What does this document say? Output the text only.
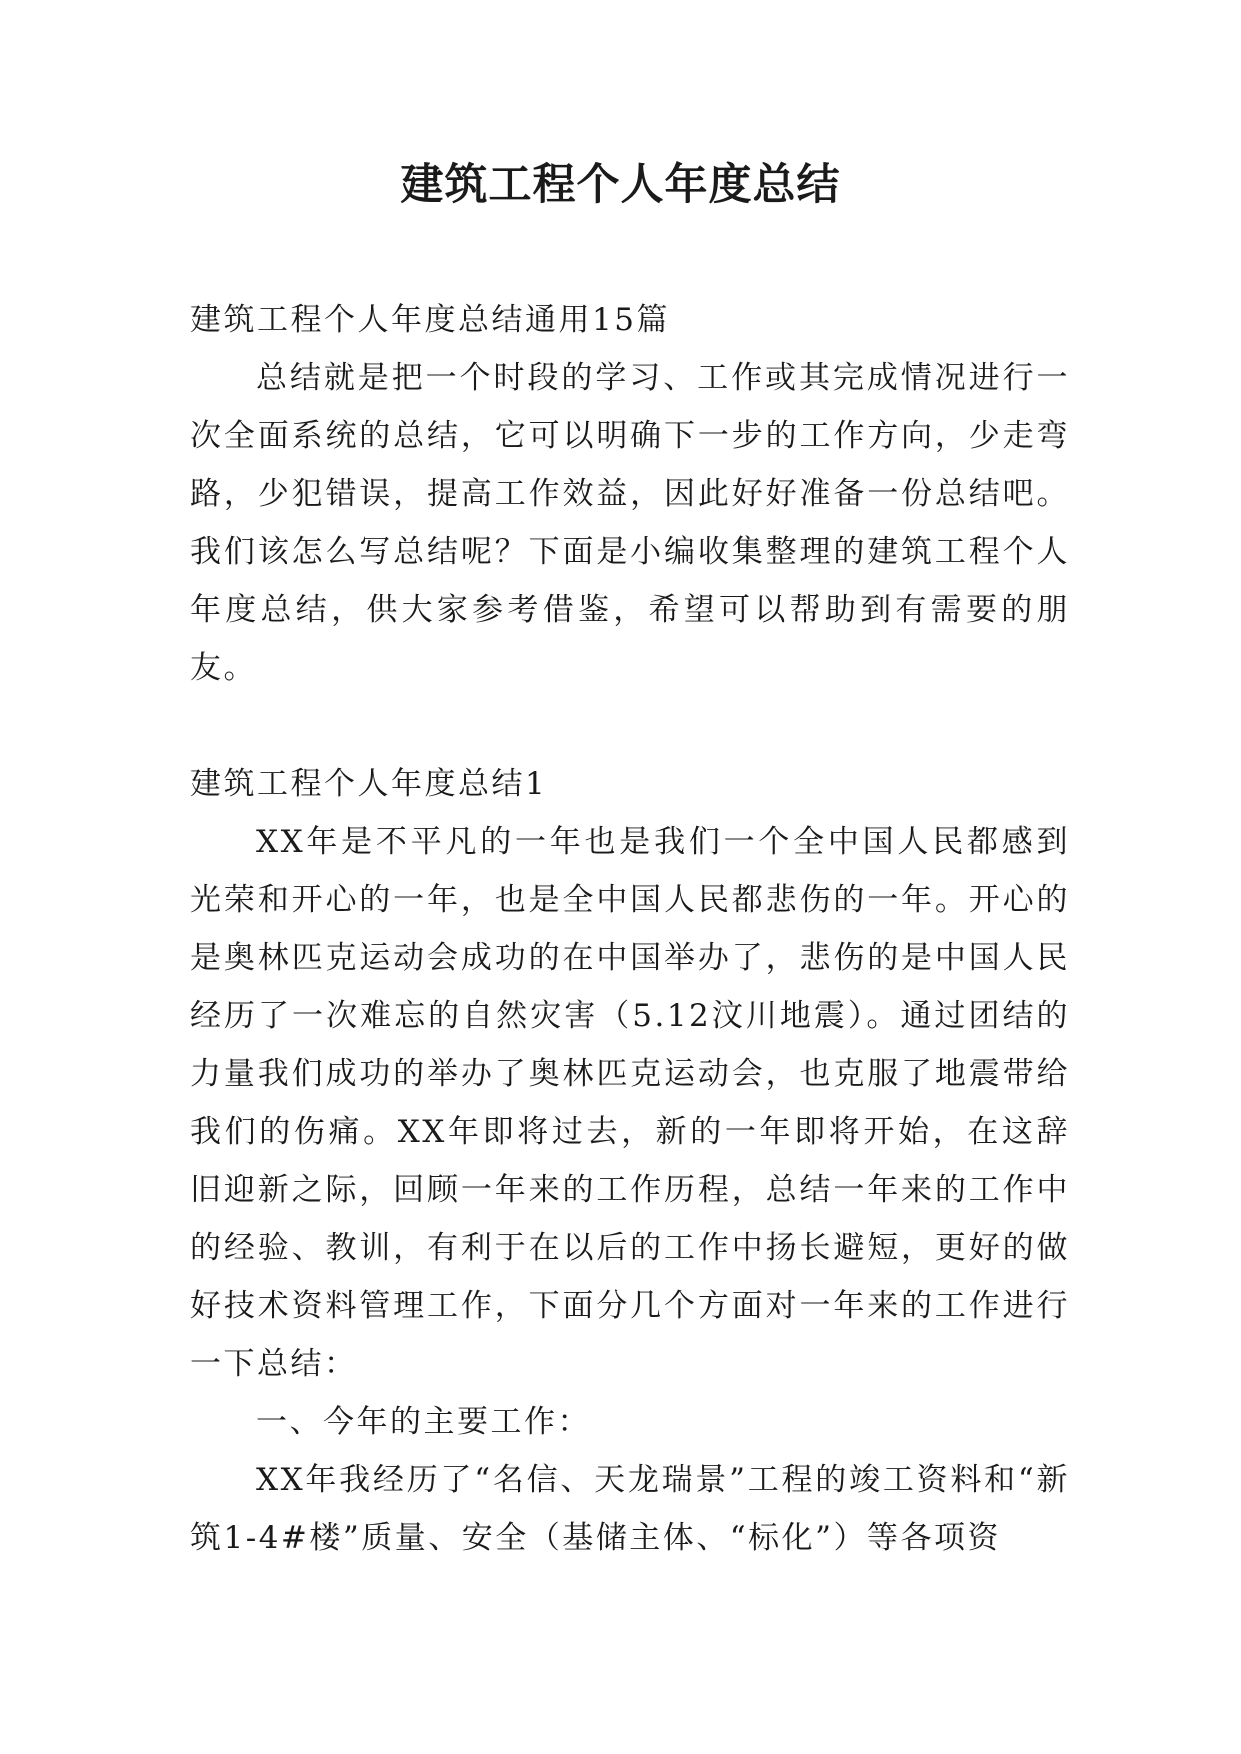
建筑工程个人年度总结

建筑工程个人年度总结通用15篇

总结就是把一个时段的学习、工作或其完成情况进行一次全面系统的总结，它可以明确下一步的工作方向，少走弯路，少犯错误，提高工作效益，因此好好准备一份总结吧。我们该怎么写总结呢？下面是小编收集整理的建筑工程个人年度总结，供大家参考借鉴，希望可以帮助到有需要的朋友。

建筑工程个人年度总结1

XX年是不平凡的一年也是我们一个全中国人民都感到光荣和开心的一年，也是全中国人民都悲伤的一年。开心的是奥林匹克运动会成功的在中国举办了，悲伤的是中国人民经历了一次难忘的自然灾害（5.12汶川地震）。通过团结的力量我们成功的举办了奥林匹克运动会，也克服了地震带给我们的伤痛。XX年即将过去，新的一年即将开始，在这辞旧迎新之际，回顾一年来的工作历程，总结一年来的工作中的经验、教训，有利于在以后的工作中扬长避短，更好的做好技术资料管理工作，下面分几个方面对一年来的工作进行一下总结：

一、今年的主要工作：

XX年我经历了“名信、天龙瑞景”工程的竣工资料和“新筑1-4#楼”质量、安全（基储主体、“标化”）等各项资
